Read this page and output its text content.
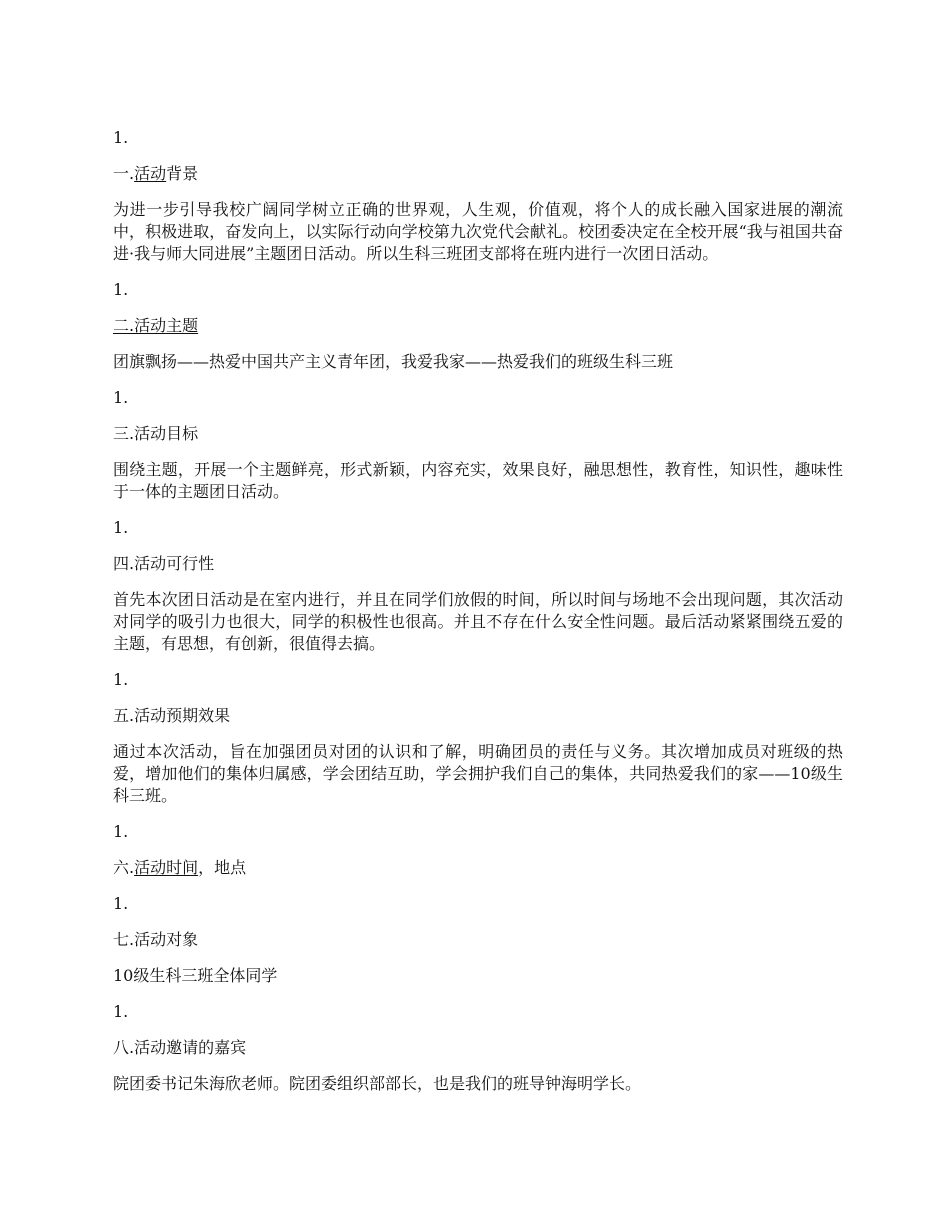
1.
一.活动背景
为进一步引导我校广阔同学树立正确的世界观，人生观，价值观，将个人的成长融入国家进展的潮流中，积极进取，奋发向上，以实际行动向学校第九次党代会献礼。校团委决定在全校开展“我与祖国共奋进·我与师大同进展”主题团日活动。所以生科三班团支部将在班内进行一次团日活动。
1.
二.活动主题
团旗飘扬——热爱中国共产主义青年团，我爱我家——热爱我们的班级生科三班
1.
三.活动目标
围绕主题，开展一个主题鲜亮，形式新颖，内容充实，效果良好，融思想性，教育性，知识性，趣味性于一体的主题团日活动。
1.
四.活动可行性
首先本次团日活动是在室内进行，并且在同学们放假的时间，所以时间与场地不会出现问题，其次活动对同学的吸引力也很大，同学的积极性也很高。并且不存在什么安全性问题。最后活动紧紧围绕五爱的主题，有思想，有创新，很值得去搞。
1.
五.活动预期效果
通过本次活动，旨在加强团员对团的认识和了解，明确团员的责任与义务。其次增加成员对班级的热爱，增加他们的集体归属感，学会团结互助，学会拥护我们自己的集体，共同热爱我们的家——10级生科三班。
1.
六.活动时间，地点
1.
七.活动对象
10级生科三班全体同学
1.
八.活动邀请的嘉宾
院团委书记朱海欣老师。院团委组织部部长，也是我们的班导钟海明学长。
